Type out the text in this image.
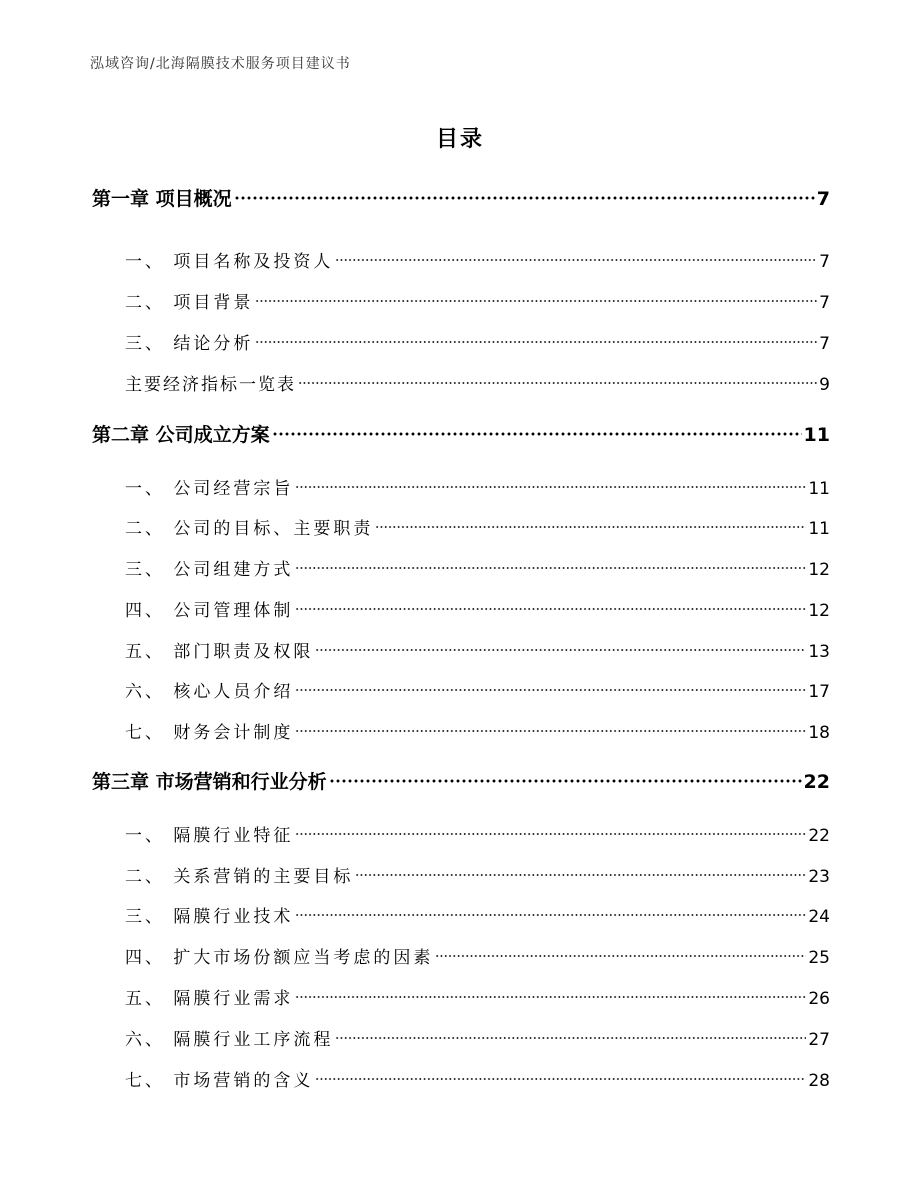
泓域咨询/北海隔膜技术服务项目建议书
目录
第一章 项目概况	7
一、 项目名称及投资人	7
二、 项目背景	7
三、 结论分析	7
主要经济指标一览表	9
第二章 公司成立方案	11
一、 公司经营宗旨	11
二、 公司的目标、主要职责	11
三、 公司组建方式	12
四、 公司管理体制	12
五、 部门职责及权限	13
六、 核心人员介绍	17
七、 财务会计制度	18
第三章 市场营销和行业分析	22
一、 隔膜行业特征	22
二、 关系营销的主要目标	23
三、 隔膜行业技术	24
四、 扩大市场份额应当考虑的因素	25
五、 隔膜行业需求	26
六、 隔膜行业工序流程	27
七、 市场营销的含义	28
